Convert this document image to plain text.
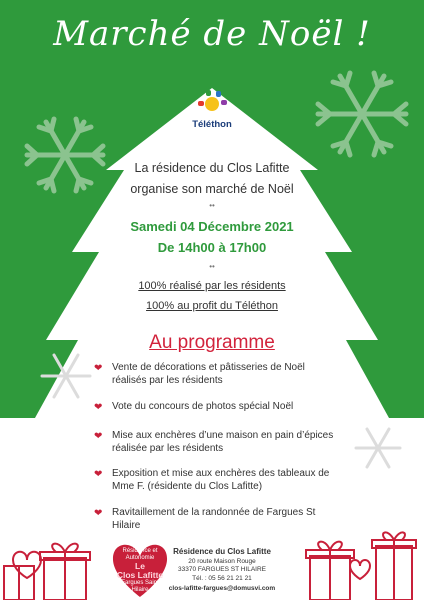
Marché de Noël !
Téléthon
La résidence du Clos Lafitte
organise son marché de Noël
••
Samedi 04 Décembre 2021
De 14h00 à 17h00
••
100% réalisé par les résidents
100% au profit du Téléthon
Au programme
❤ Vente de décorations et pâtisseries de Noël réalisés par les résidents
❤ Vote du concours de photos spécial Noël
❤ Mise aux enchères d’une maison en pain d’épices réalisée par les résidents
❤ Exposition et mise aux enchères des tableaux de Mme F. (résidente du Clos Lafitte)
❤ Ravitaillement de la randonnée de Fargues St Hilaire
Résidence et Autonomie
Le
Clos Lafitte
Fargues Saint Hilaire
Résidence du Clos Lafitte
20 route Maison Rouge
33370 FARGUES ST HILAIRE
Tél. : 05 56 21 21 21
clos-lafitte-fargues@domusvi.com
